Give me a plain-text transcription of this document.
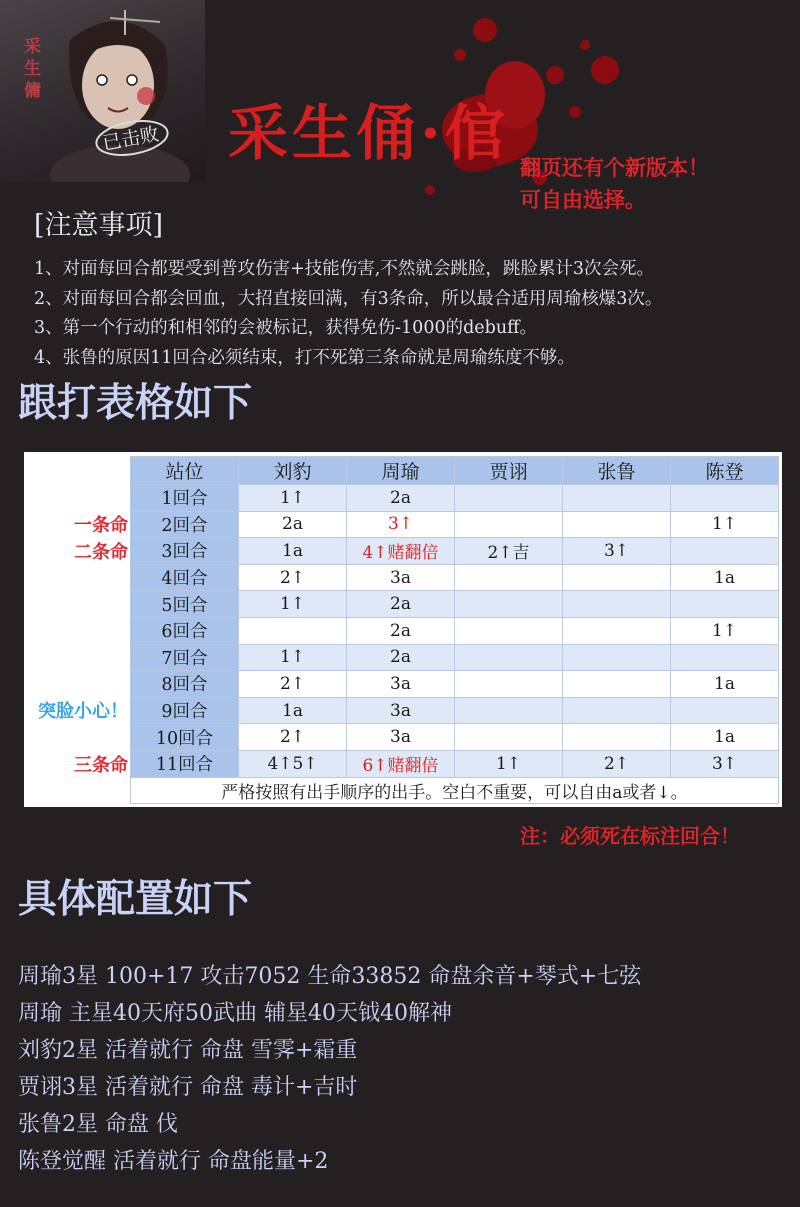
采生傭
已击败 采生俑·倌 翻页还有个新版本！
可自由选择。
[注意事项]
1、对面每回合都要受到普攻伤害+技能伤害,不然就会跳脸，跳脸累计3次会死。
2、对面每回合都会回血，大招直接回满，有3条命，所以最合适用周瑜核爆3次。
3、第一个行动的和相邻的会被标记，获得免伤-1000的debuff。
4、张鲁的原因11回合必须结束，打不死第三条命就是周瑜练度不够。
跟打表格如下
一条命
二条命
突脸小心！
三条命
站位	刘豹	周瑜	贾诩	张鲁	陈登
1回合	1↑	2a			
2回合	2a	3↑			1↑
3回合	1a	4↑赌翻倍	2↑吉	3↑	
4回合	2↑	3a			1a
5回合	1↑	2a			
6回合		2a			1↑
7回合	1↑	2a			
8回合	2↑	3a			1a
9回合	1a	3a			
10回合	2↑	3a			1a
11回合	4↑5↑	6↑赌翻倍	1↑	2↑	3↑
严格按照有出手顺序的出手。空白不重要，可以自由a或者↓。					
注：必须死在标注回合！
具体配置如下
周瑜3星 100+17 攻击7052 生命33852 命盘余音+琴式+七弦
周瑜 主星40天府50武曲 辅星40天钺40解神
刘豹2星 活着就行 命盘 雪霁+霜重
贾诩3星 活着就行 命盘 毒计+吉时
张鲁2星 命盘 伐
陈登觉醒 活着就行 命盘能量+2
